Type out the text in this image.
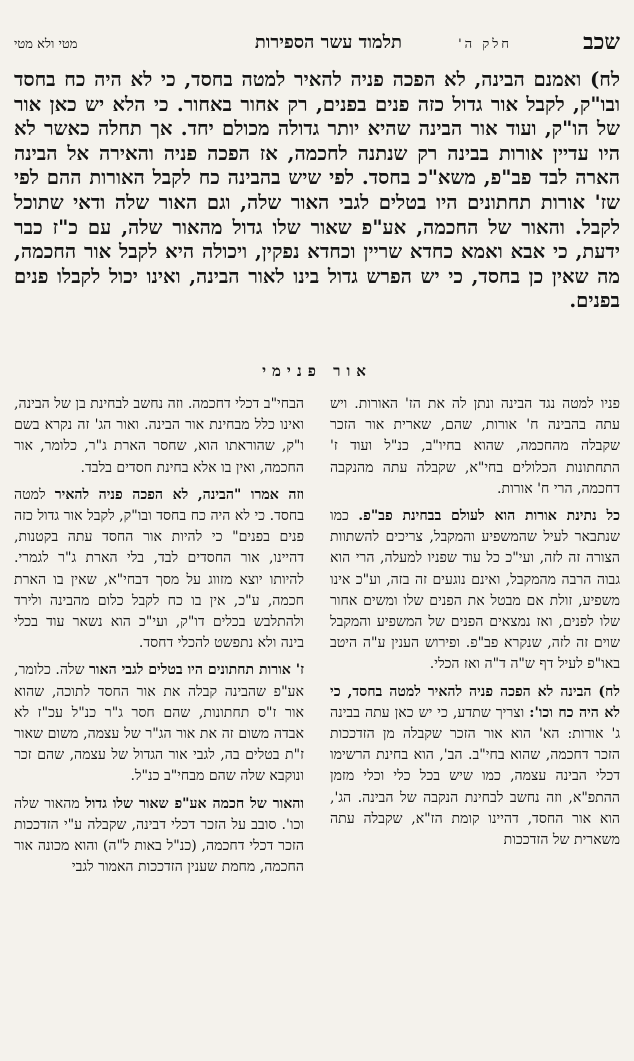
שכב
חלק ה'
תלמוד עשר הספירות
מטי ולא מטי

לח) ואמנם הבינה, לא הפכה פניה להאיר למטה בחסד, כי לא היה כח בחסד ובו"ק, לקבל אור גדול כזה פנים בפנים, רק אחור באחור. כי הלא יש כאן אור של הו"ק, ועוד אור הבינה שהיא יותר גדולה מכולם יחד. אך תחלה כאשר לא היו עדיין אורות בבינה רק שנתנה לחכמה, אז הפכה פניה והאירה אל הבינה הארה לבד פב"פ, משא"כ בחסד. לפי שיש בהבינה כח לקבל האורות ההם לפי שז' אורות תחתונים היו בטלים לגבי האור שלה, וגם האור שלה ודאי שתוכל לקבל. והאור של החכמה, אע"פ שאור שלו גדול מהאור שלה, עם כ"ז כבר ידעת, כי אבא ואמא כחדא שריין וכחדא נפקין, ויכולה היא לקבל אור החכמה, מה שאין כן בחסד, כי יש הפרש גדול בינו לאור הבינה, ואינו יכול לקבלו פנים בפנים.

אור פנימי

פניו למטה נגד הבינה ונתן לה את הז' האורות. ויש עתה בהבינה ח' אורות, שהם, שארית אור הזכר שקבלה מהחכמה, שהוא בחיו"ב, כנ"ל ועוד ז' התחתונות הכלולים בחי"א, שקבלה עתה מהנקבה דחכמה, הרי ח' אורות.

כל נתינת אורות הוא לעולם בבחינת פב"פ. כמו שנתבאר לעיל שהמשפיע והמקבל, צריכים להשתוות הצורה זה לזה, ועי"כ כל עוד שפניו למעלה, הרי הוא גבוה הרבה מהמקבל, ואינם נוגעים זה בזה, וע"כ אינו משפיע, זולת אם מבטל את הפנים שלו ומשים אחור שלו לפנים, ואז נמצאים הפנים של המשפיע והמקבל שוים זה לזה, שנקרא פב"פ. ופירוש הענין ע"ה היטב באו"פ לעיל דף ש"ה ד"ה ואז הכלי.

לח) הבינה לא הפכה פניה להאיר למטה בחסד, כי לא היה כח וכו': וצריך שתדע, כי יש כאן עתה בבינה ג' אורות: הא' הוא אור הזכר שקבלה מן הזדככות הזכר דחכמה, שהוא בחי"ב. הב', הוא בחינת הרשימו דכלי הבינה עצמה, כמו שיש בכל כלי וכלי מזמן ההתפ"א, וזה נחשב לבחינת הנקבה של הבינה. הג', הוא אור החסד, דהיינו קומת הז"א, שקבלה עתה משארית של הזדככות

הבחי"ב דכלי דחכמה. וזה נחשב לבחינת בן של הבינה, ואינו כלל מבחינת אור הבינה. ואור הג' זה נקרא בשם ו"ק, שהוראתו הוא, שחסר הארת ג"ר, כלומר, אור החכמה, ואין בו אלא בחינת חסדים בלבד.

וזה אמרו "הבינה, לא הפכה פניה להאיר למטה בחסד. כי לא היה כח בחסד ובו"ק, לקבל אור גדול כזה פנים בפנים" כי להיות אור החסד עתה בקטנות, דהיינו, אור החסדים לבד, בלי הארת ג"ר לגמרי. להיותו יוצא מזווג על מסך דבחי"א, שאין בו הארת חכמה, ע"כ, אין בו כח לקבל כלום מהבינה ולירד ולהתלבש בכלים דו"ק, ועי"כ הוא נשאר עוד בכלי בינה ולא נתפשט להכלי דחסד.

ז' אורות תחתונים היו בטלים לגבי האור שלה. כלומר, אע"פ שהבינה קבלה את אור החסד לתוכה, שהוא אור ז"ס תחתונות, שהם חסר ג"ר כנ"ל עכ"ז לא אבדה משום זה את אור הג"ר של עצמה, משום שאור ז"ת בטלים בה, לגבי אור הגדול של עצמה, שהם זכר ונוקבא שלה שהם מבחי"ב כנ"ל.

והאור של חכמה אע"פ שאור שלו גדול מהאור שלה וכו'. סובב על הזכר דכלי דבינה, שקבלה ע"י הזדככות הזכר דכלי דחכמה, (כנ"ל באות ל"ה) והוא מכונה אור החכמה, מחמת שענין הזדככות האמור לגבי
